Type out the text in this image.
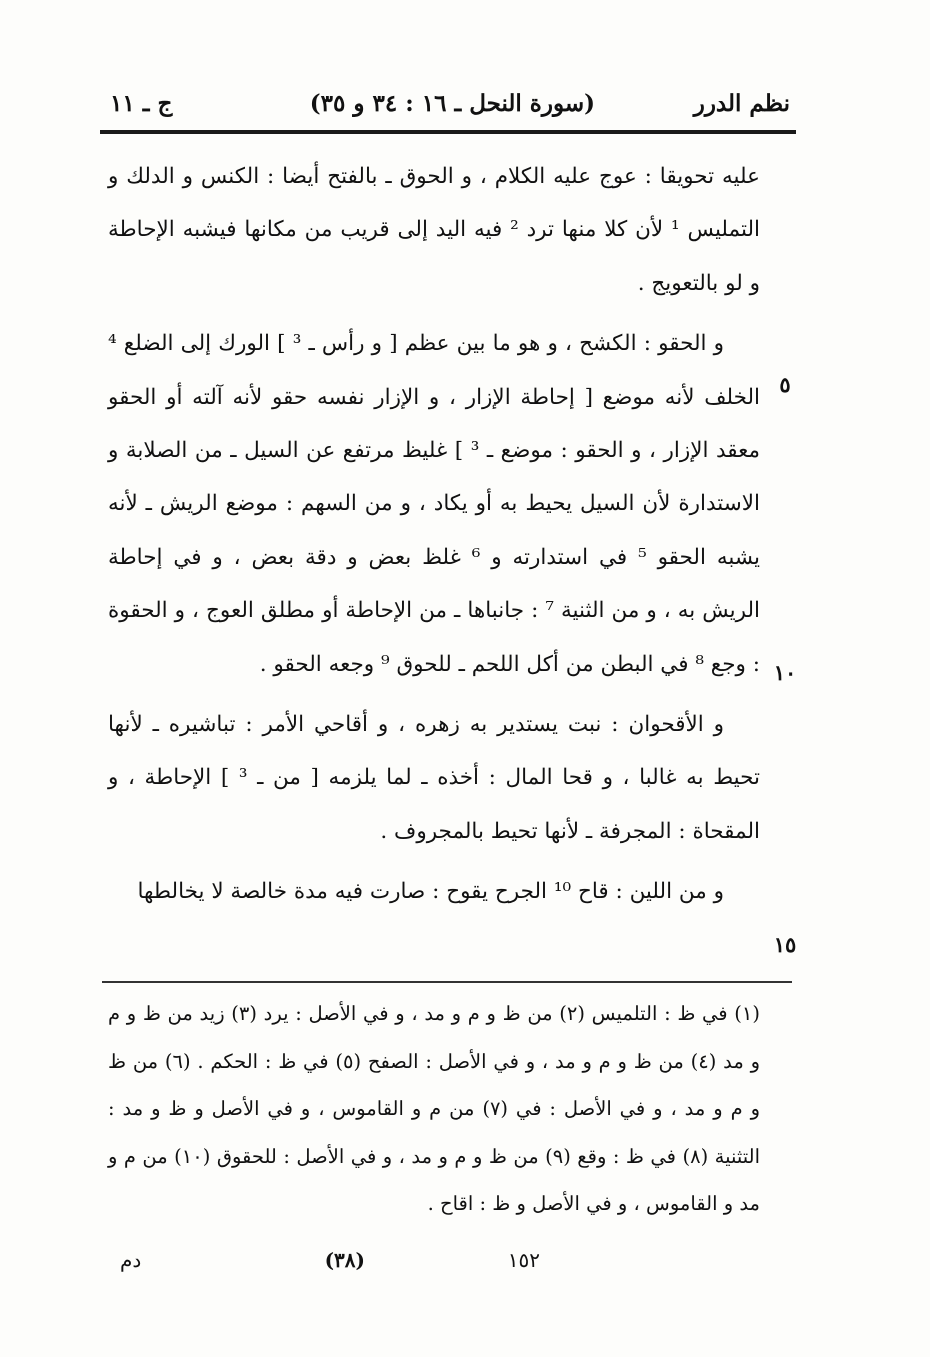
نظم الدرر
(سورة النحل ـ ١٦ : ٣٤ و ٣٥)
ج ـ ١١

عليه تحويقا : عوج عليه الكلام ، و الحوق ـ بالفتح أيضا : الكنس و الدلك و التمليس ¹ لأن كلا منها ترد ² فيه اليد إلى قريب من مكانها فيشبه الإحاطة و لو بالتعويج .

و الحقو : الكشح ، و هو ما بين عظم [ و رأس ـ ³ ] الورك إلى الضلع ⁴ الخلف لأنه موضع [ إحاطة الإزار ، و الإزار نفسه حقو لأنه آلته أو الحقو معقد الإزار ، و الحقو : موضع ـ ³ ] غليظ مرتفع عن السيل ـ من الصلابة و الاستدارة لأن السيل يحيط به أو يكاد ، و من السهم : موضع الريش ـ لأنه يشبه الحقو ⁵ في استدارته و ⁶ غلظ بعض و دقة بعض ، و في إحاطة الريش به ، و من الثنية ⁷ : جانباها ـ من الإحاطة أو مطلق العوج ، و الحقوة : وجع ⁸ في البطن من أكل اللحم ـ للحوق ⁹ وجعه الحقو .

و الأقحوان : نبت يستدير به زهره ، و أقاحي الأمر : تباشيره ـ لأنها تحيط به غالبا ، و قحا المال : أخذه ـ لما يلزمه [ من ـ ³ ] الإحاطة ، و المقحاة : المجرفة ـ لأنها تحيط بالمجروف .

و من اللين : قاح ¹⁰ الجرح يقوح : صارت فيه مدة خالصة لا يخالطها

٥
١٠
١٥

(١) في ظ : التلميس (٢) من ظ و م و مد ، و في الأصل : يرد (٣) زيد من ظ و م و مد (٤) من ظ و م و مد ، و في الأصل : الصفح (٥) في ظ : الحكم . (٦) من ظ و م و مد ، و في الأصل : في (٧) من م و القاموس ، و في الأصل و ظ و مد : التثنية (٨) في ظ : وقع (٩) من ظ و م و مد ، و في الأصل : للحقوق (١٠) من م و مد و القاموس ، و في الأصل و ظ : اقاح .

١٥٢
(٣٨)
دم
